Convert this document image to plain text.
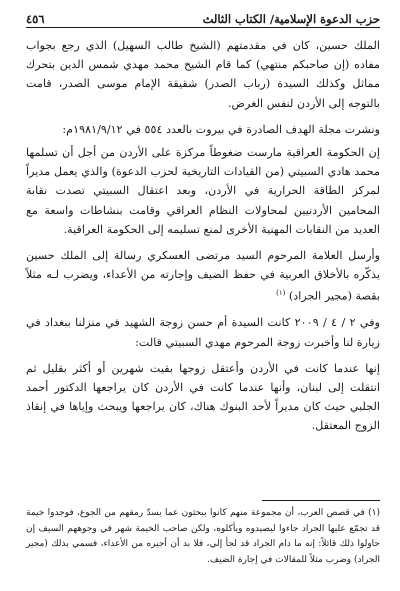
حزب الدعوة الإسلامية/ الكتاب الثالث
٤٥٦

الملك حسين، كان في مقدمتهم (الشيخ طالب السهيل) الذي رجع بجواب مفاده (إن صاحبكم منتهي) كما قام الشيخ محمد مهدي شمس الدين بتحرك مماثل وكذلك السيدة (رباب الصدر) شقيقة الإمام موسى الصدر، قامت بالتوجه إلى الأردن لنفس الغرض.

ونشرت مجلة الهدف الصادرة في بيروت بالعدد ٥٥٤ في ١٩٨١/٩/١٢م:

إن الحكومة العراقية مارست ضغوطاً مركزة على الأردن من أجل أن تسلمها محمد هادي السبيتي (من القيادات التاريخية لحزب الدعوة) والذي يعمل مديراً لمركز الطاقة الحرارية في الأردن، وبعد اعتقال السبيتي تصدت نقابة المحامين الأردنيين لمحاولات النظام العراقي وقامت بنشاطات واسعة مع العديد من النقابات المهنية الأخرى لمنع تسليمه إلى الحكومة العراقية.

وأرسل العلامة المرحوم السيد مرتضى العسكري رسالة إلى الملك حسين يذكّره بالأخلاق العربية في حفظ الضيف وإجارته من الأعداء، ويضرب لـه مثلاً بقصة (مجير الجراد) $^{(١)}$

وفي ٢ / ٤ / ٢٠٠٩ كانت السيدة أم حسن زوجة الشهيد في منزلنا ببغداد في زيارة لنا وأخبرت زوجة المرحوم مهدي السبيتي قالت:

إنها عندما كانت في الأردن وأعتقل زوجها بقيت شهرين أو أكثر بقليل ثم انتقلت إلى لبنان، وأنها عندما كانت في الأردن كان يراجعها الدكتور أحمد الجلبي حيث كان مديراً لأحد البنوك هناك، كان يراجعها ويبحث وإياها في إنقاذ الزوج المعتقل.

(١) في قصص العرب، أن مجموعة منهم كانوا يبحثون عما يسدّ رمقهم من الجوع، فوجدوا خيمة قد تجمّع عليها الجراد جاءوا ليصيدوه ويأكلوه، ولكن صاحب الخيمة شهر في وجوههم السيف إن حاولوا ذلك قائلاً: إنه ما دام الجراد قد لجأ إلي، فلا بد أن أجيره من الأعداء، فسمي بذلك (مجير الجراد) وضرب مثلاً للمقالات في إجارة الضيف.
